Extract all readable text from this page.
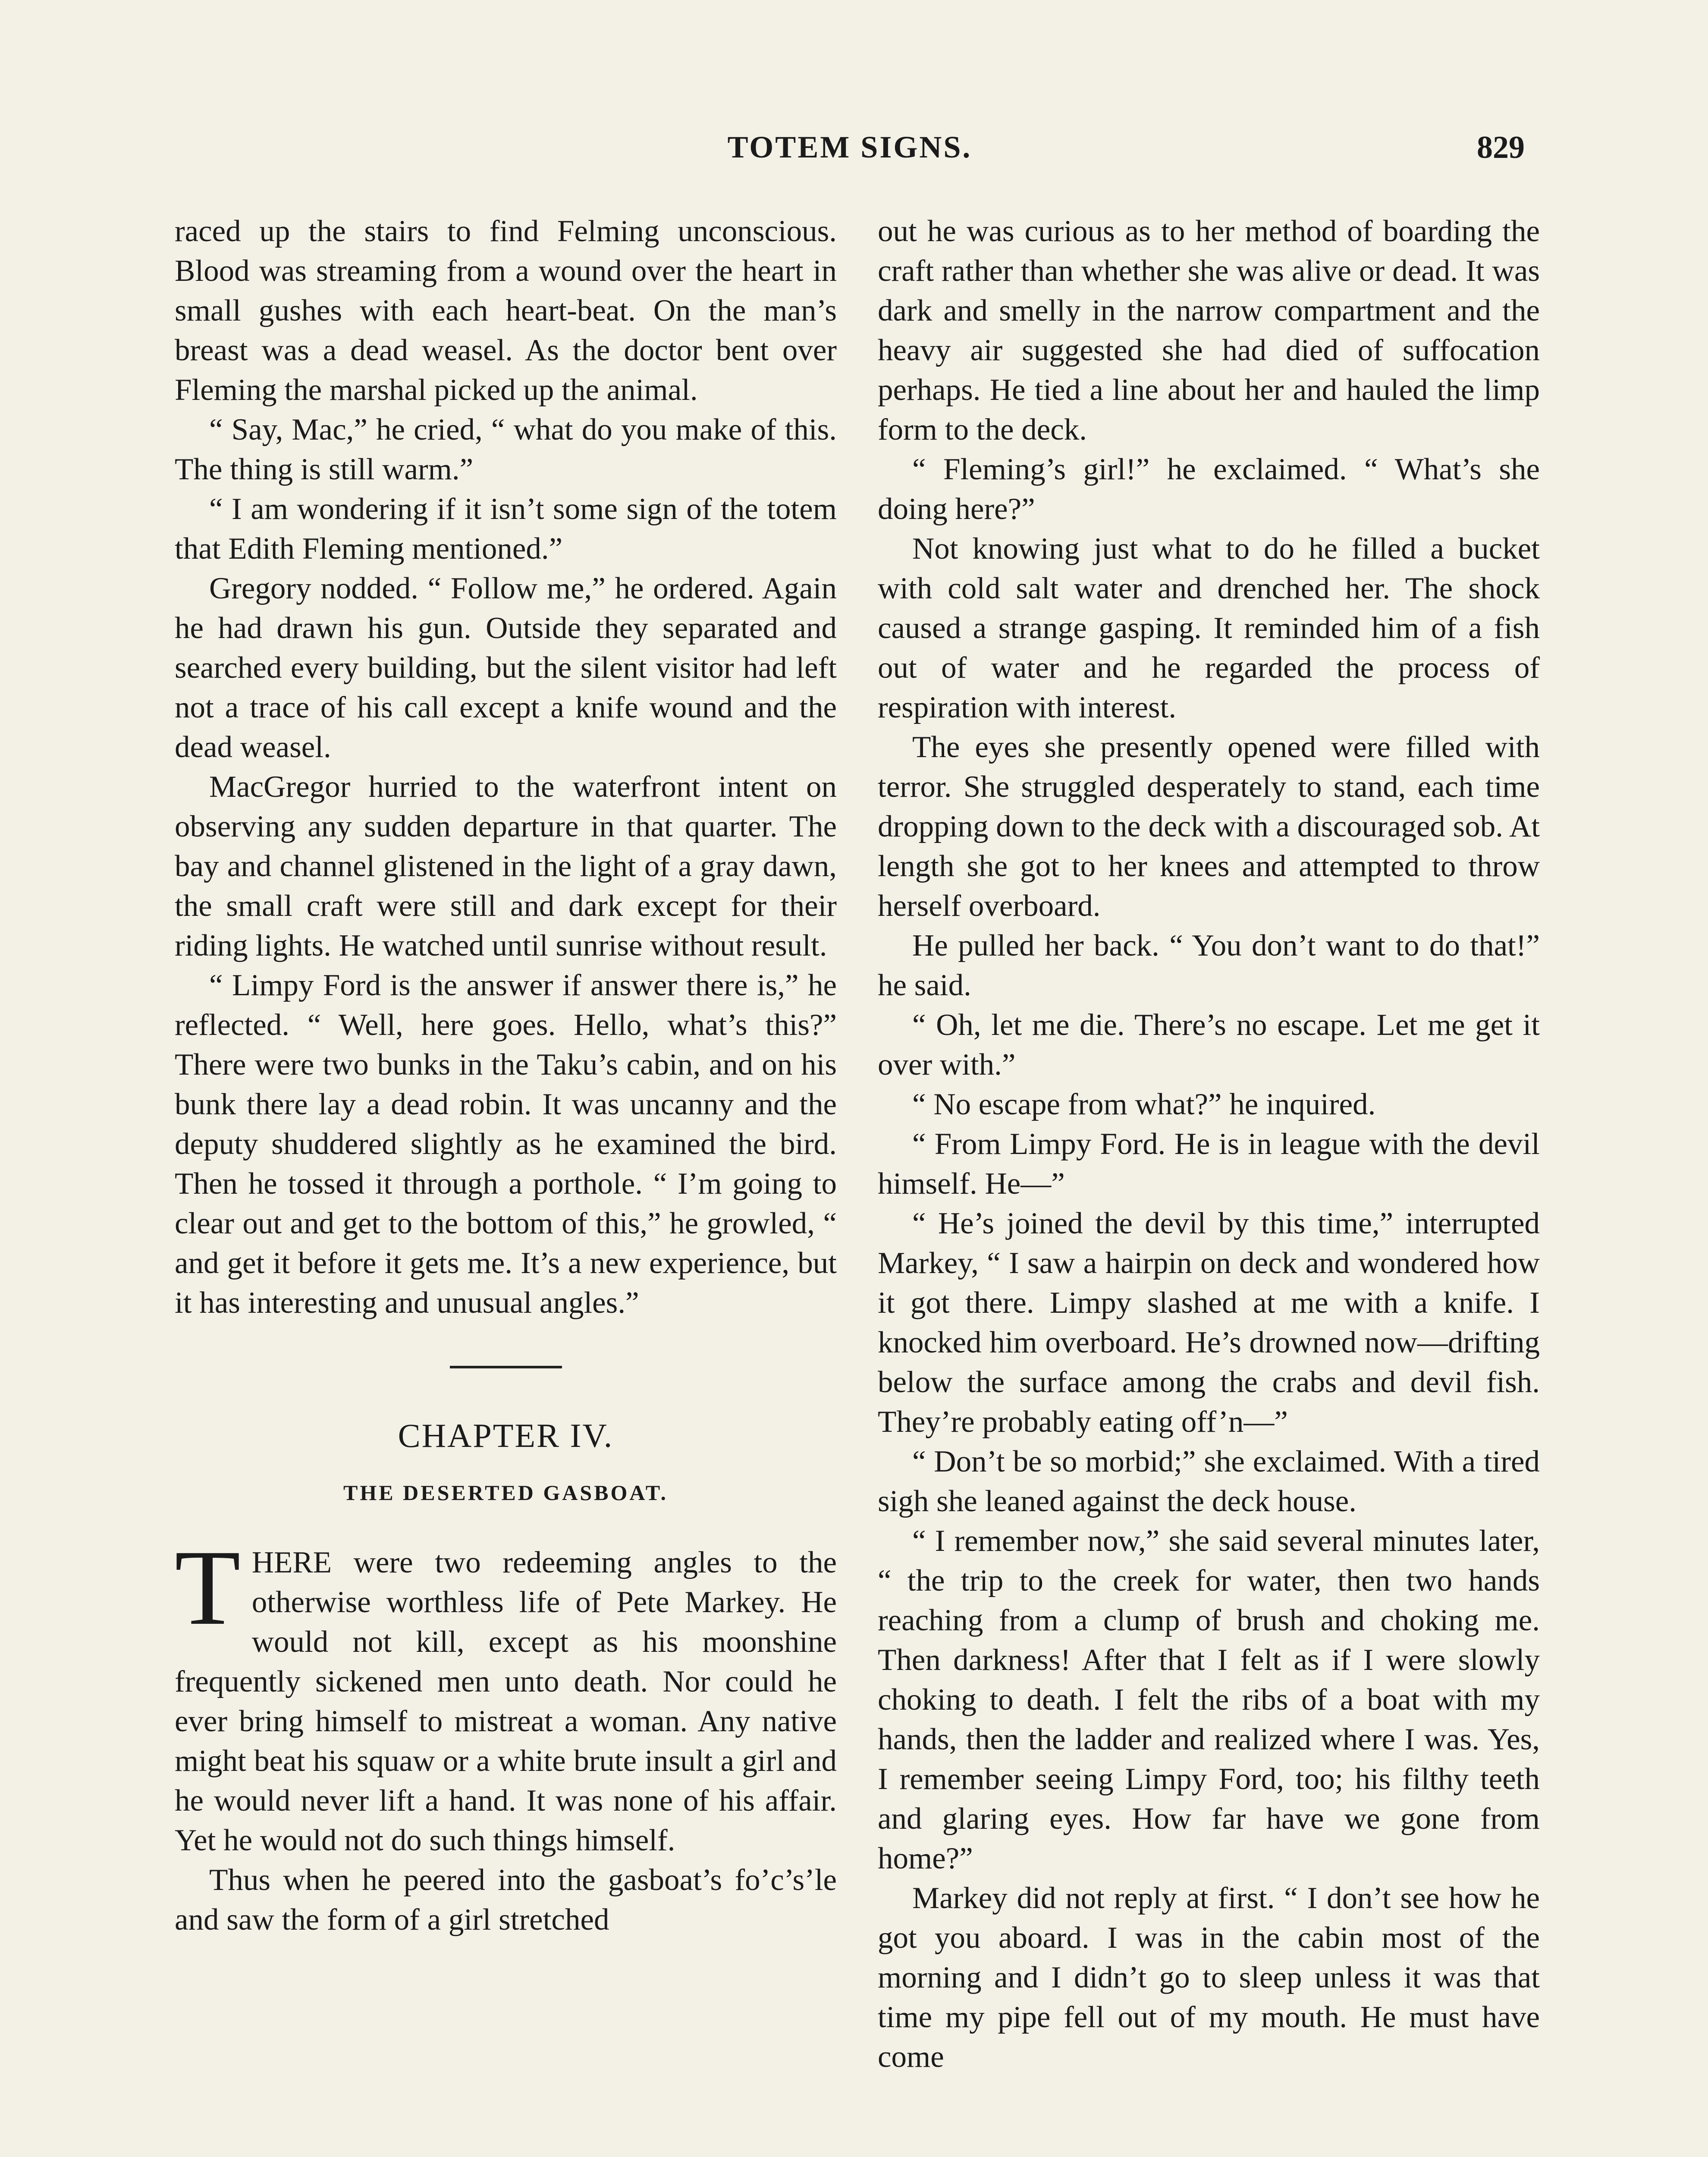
TOTEM SIGNS.	829

raced up the stairs to find Felming unconscious. Blood was streaming from a wound over the heart in small gushes with each heart-beat. On the man’s breast was a dead weasel. As the doctor bent over Fleming the marshal picked up the animal.

“ Say, Mac,” he cried, “ what do you make of this. The thing is still warm.”

“ I am wondering if it isn’t some sign of the totem that Edith Fleming mentioned.”

Gregory nodded. “ Follow me,” he ordered. Again he had drawn his gun. Outside they separated and searched every building, but the silent visitor had left not a trace of his call except a knife wound and the dead weasel.

MacGregor hurried to the waterfront intent on observing any sudden departure in that quarter. The bay and channel glistened in the light of a gray dawn, the small craft were still and dark except for their riding lights. He watched until sunrise without result.

“ Limpy Ford is the answer if answer there is,” he reflected. “ Well, here goes. Hello, what’s this?” There were two bunks in the Taku’s cabin, and on his bunk there lay a dead robin. It was uncanny and the deputy shuddered slightly as he examined the bird. Then he tossed it through a porthole. “ I’m going to clear out and get to the bottom of this,” he growled, “ and get it before it gets me. It’s a new experience, but it has interesting and unusual angles.”

CHAPTER IV.
THE DESERTED GASBOAT.

THERE were two redeeming angles to the otherwise worthless life of Pete Markey. He would not kill, except as his moonshine frequently sickened men unto death. Nor could he ever bring himself to mistreat a woman. Any native might beat his squaw or a white brute insult a girl and he would never lift a hand. It was none of his affair. Yet he would not do such things himself.

Thus when he peered into the gasboat’s fo’c’s’le and saw the form of a girl stretched

out he was curious as to her method of boarding the craft rather than whether she was alive or dead. It was dark and smelly in the narrow compartment and the heavy air suggested she had died of suffocation perhaps. He tied a line about her and hauled the limp form to the deck.

“ Fleming’s girl!” he exclaimed. “ What’s she doing here?”

Not knowing just what to do he filled a bucket with cold salt water and drenched her. The shock caused a strange gasping. It reminded him of a fish out of water and he regarded the process of respiration with interest.

The eyes she presently opened were filled with terror. She struggled desperately to stand, each time dropping down to the deck with a discouraged sob. At length she got to her knees and attempted to throw herself overboard.

He pulled her back. “ You don’t want to do that!” he said.

“ Oh, let me die. There’s no escape. Let me get it over with.”

“ No escape from what?” he inquired.

“ From Limpy Ford. He is in league with the devil himself. He—”

“ He’s joined the devil by this time,” interrupted Markey, “ I saw a hairpin on deck and wondered how it got there. Limpy slashed at me with a knife. I knocked him overboard. He’s drowned now—drifting below the surface among the crabs and devil fish. They’re probably eating off’n—”

“ Don’t be so morbid;” she exclaimed. With a tired sigh she leaned against the deck house.

“ I remember now,” she said several minutes later, “ the trip to the creek for water, then two hands reaching from a clump of brush and choking me. Then darkness! After that I felt as if I were slowly choking to death. I felt the ribs of a boat with my hands, then the ladder and realized where I was. Yes, I remember seeing Limpy Ford, too; his filthy teeth and glaring eyes. How far have we gone from home?”

Markey did not reply at first. “ I don’t see how he got you aboard. I was in the cabin most of the morning and I didn’t go to sleep unless it was that time my pipe fell out of my mouth. He must have come
